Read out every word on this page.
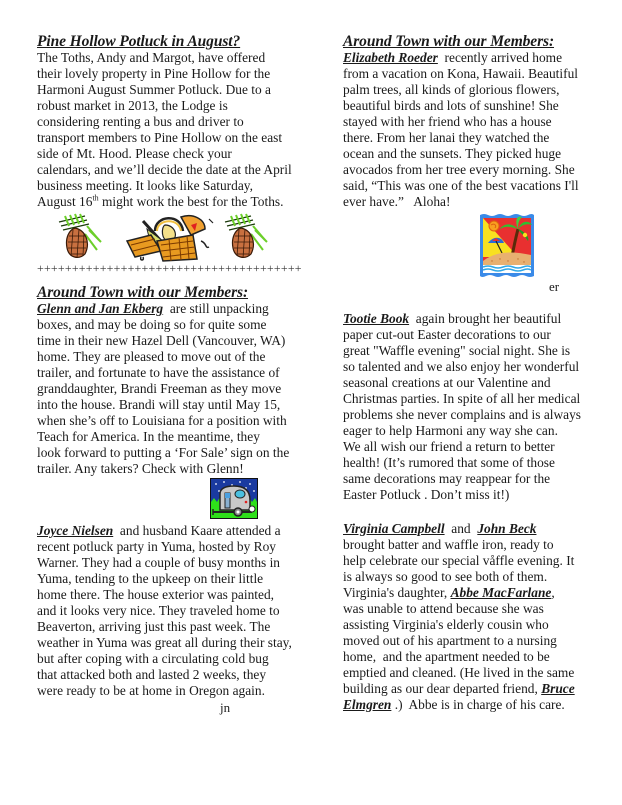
Pine Hollow Potluck in August?

The Toths, Andy and Margot, have offered
their lovely property in Pine Hollow for the
Harmoni August Summer Potluck. Due to a
robust market in 2013, the Lodge is
considering renting a bus and driver to
transport members to Pine Hollow on the east
side of Mt. Hood. Please check your
calendars, and we’ll decide the date at the April
business meeting. It looks like Saturday,
August 16th might work the best for the Toths.

++++++++++++++++++++++++++++++++++++++
Around Town with our Members:

Glenn and Jan Ekberg  are still unpacking
boxes, and may be doing so for quite some
time in their new Hazel Dell (Vancouver, WA)
home. They are pleased to move out of the
trailer, and fortunate to have the assistance of
granddaughter, Brandi Freeman as they move
into the house. Brandi will stay until May 15,
when she’s off to Louisiana for a position with
Teach for America. In the meantime, they
look forward to putting a ‘For Sale’ sign on the
trailer. Any takers? Check with Glenn!

Joyce Nielsen  and husband Kaare attended a
recent potluck party in Yuma, hosted by Roy
Warner. They had a couple of busy months in
Yuma, tending to the upkeep on their little
home there. The house exterior was painted,
and it looks very nice. They traveled home to
Beaverton, arriving just this past week. The
weather in Yuma was great all during their stay,
but after coping with a circulating cold bug
that attacked both and lasted 2 weeks, they
were ready to be at home in Oregon again.

jn
Around Town with our Members:

Elizabeth Roeder  recently arrived home
from a vacation on Kona, Hawaii. Beautiful
palm trees, all kinds of glorious flowers,
beautiful birds and lots of sunshine! She
stayed with her friend who has a house
there. From her lanai they watched the
ocean and the sunsets. They picked huge
avocados from her tree every morning. She
said, “This was one of the best vacations I'll
ever have.”   Aloha!

er

Tootie Book  again brought her beautiful
paper cut-out Easter decorations to our
great "Waffle evening" social night. She is
so talented and we also enjoy her wonderful
seasonal creations at our Valentine and
Christmas parties. In spite of all her medical
problems she never complains and is always
eager to help Harmoni any way she can.
We all wish our friend a return to better
health! (It’s rumored that some of those
same decorations may reappear for the
Easter Potluck . Don’t miss it!)

Virginia Campbell  and  John Beck
brought batter and waffle iron, ready to
help celebrate our special våffle evening. It
is always so good to see both of them.
Virginia's daughter, Abbe MacFarlane,
was unable to attend because she was
assisting Virginia's elderly cousin who
moved out of his apartment to a nursing
home,  and the apartment needed to be
emptied and cleaned. (He lived in the same
building as our dear departed friend, Bruce
Elmgren .)  Abbe is in charge of his care.
